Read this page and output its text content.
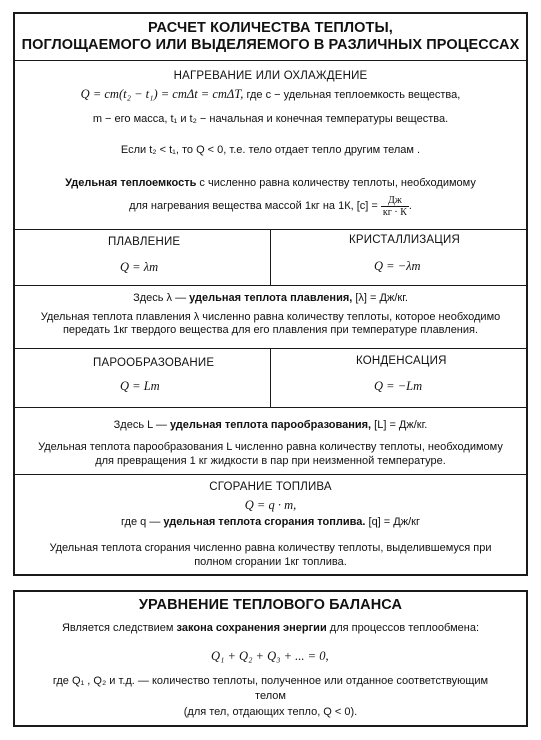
РАСЧЕТ КОЛИЧЕСТВА ТЕПЛОТЫ,
ПОГЛОЩАЕМОГО ИЛИ ВЫДЕЛЯЕМОГО В РАЗЛИЧНЫХ ПРОЦЕССАХ
НАГРЕВАНИЕ ИЛИ ОХЛАЖДЕНИЕ
Q = cm(t₂ − t₁) = cmΔt = cmΔT, где c − удельная теплоемкость вещества,
m − его масса, t₁ и t₂ − начальная и конечная температуры вещества.
Если t₂ < t₁, то Q < 0, т.е. тело отдает тепло другим телам .
Удельная теплоемкость c численно равна количеству теплоты, необходимому
для нагревания вещества массой 1кг на 1К, $[c] = \frac{Дж}{кг \cdot К}$ .
ПЛАВЛЕНИЕ
Q = λm
КРИСТАЛЛИЗАЦИЯ
Q = −λm
Здесь λ — удельная теплота плавления, [λ] = Дж/кг.
Удельная теплота плавления λ численно равна количеству теплоты, которое необходимо
передать 1кг твердого вещества для его плавления при температуре плавления.
ПАРООБРАЗОВАНИЕ
Q = Lm
КОНДЕНСАЦИЯ
Q = −Lm
Здесь L — удельная теплота парообразования, [L] = Дж/кг.
Удельная теплота парообразования L численно равна количеству теплоты, необходимому
для превращения 1 кг жидкости в пар при неизменной температуре.
СГОРАНИЕ ТОПЛИВА
Q = q · m,
где q — удельная теплота сгорания топлива. [q] = Дж/кг
Удельная теплота сгорания численно равна количеству теплоты, выделившемуся при
полном сгорании 1кг топлива.
УРАВНЕНИЕ ТЕПЛОВОГО БАЛАНСА
Является следствием закона сохранения энергии для процессов теплообмена:
Q₁ + Q₂ + Q₃ + ... = 0,
где Q₁ , Q₂ и т.д. — количество теплоты, полученное или отданное соответствующим
телом
(для тел, отдающих тепло, Q < 0).
